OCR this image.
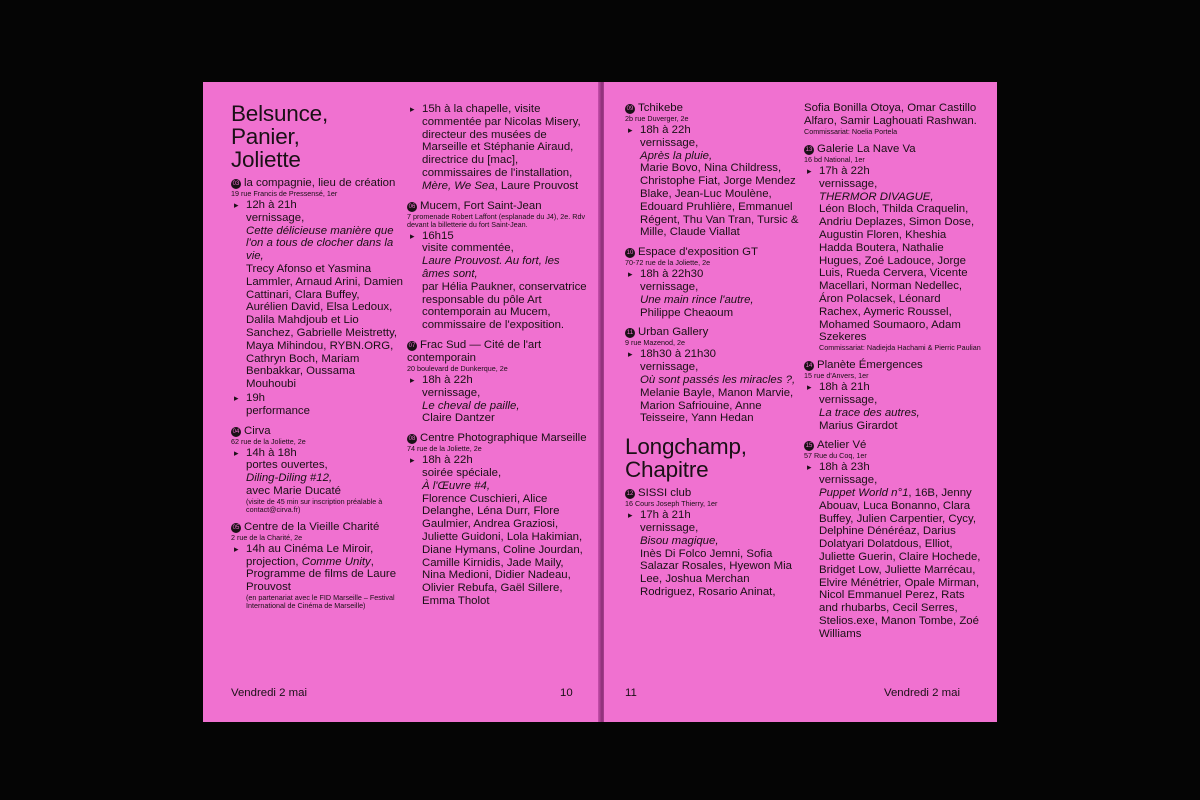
Belsunce,
Panier,
Joliette
03 la compagnie, lieu de création
19 rue Francis de Pressensé, 1er
▸ 12h à 21h
vernissage,
Cette délicieuse manière que l'on a tous de clocher dans la vie,
Trecy Afonso et Yasmina Lammler, Arnaud Arini, Damien Cattinari, Clara Buffey, Aurélien David, Elsa Ledoux, Dalila Mahdjoub et Lio Sanchez, Gabrielle Meistretty, Maya Mihindou, RYBN.ORG, Cathryn Boch, Mariam Benbakkar, Oussama Mouhoubi
▸ 19h
performance
04 Cirva
62 rue de la Joliette, 2e
▸ 14h à 18h
portes ouvertes,
Diling-Diling #12,
avec Marie Ducaté
(visite de 45 min sur inscription préalable à contact@cirva.fr)
05 Centre de la Vieille Charité
2 rue de la Charité, 2e
▸ 14h au Cinéma Le Miroir, projection, Comme Unity, Programme de films de Laure Prouvost
(en partenariat avec le FID Marseille – Festival International de Cinéma de Marseille)
▸ 15h à la chapelle, visite commentée par Nicolas Misery, directeur des musées de Marseille et Stéphanie Airaud, directrice du [mac], commissaires de l'installation, Mère, We Sea, Laure Prouvost
06 Mucem, Fort Saint-Jean
7 promenade Robert Laffont (esplanade du J4), 2e. Rdv devant la billetterie du fort Saint-Jean.
▸ 16h15
visite commentée,
Laure Prouvost. Au fort, les âmes sont,
par Hélia Paukner, conservatrice responsable du pôle Art contemporain au Mucem, commissaire de l'exposition.
07 Frac Sud — Cité de l'art contemporain
20 boulevard de Dunkerque, 2e
▸ 18h à 22h
vernissage,
Le cheval de paille,
Claire Dantzer
08 Centre Photographique Marseille
74 rue de la Joliette, 2e
▸ 18h à 22h
soirée spéciale,
À l'Œuvre #4,
Florence Cuschieri, Alice Delanghe, Léna Durr, Flore Gaulmier, Andrea Graziosi, Juliette Guidoni, Lola Hakimian, Diane Hymans, Coline Jourdan, Camille Kirnidis, Jade Maily, Nina Medioni, Didier Nadeau, Olivier Rebufa, Gaël Sillere, Emma Tholot
Vendredi 2 mai	10
09 Tchikebe
2b rue Duverger, 2e
▸ 18h à 22h
vernissage,
Après la pluie,
Marie Bovo, Nina Childress, Christophe Fiat, Jorge Mendez Blake, Jean-Luc Moulène, Edouard Pruhlière, Emmanuel Régent, Thu Van Tran, Tursic & Mille, Claude Viallat
10 Espace d'exposition GT
70-72 rue de la Joliette, 2e
▸ 18h à 22h30
vernissage,
Une main rince l'autre,
Philippe Cheaoum
11 Urban Gallery
9 rue Mazenod, 2e
▸ 18h30 à 21h30
vernissage,
Où sont passés les miracles ?,
Melanie Bayle, Manon Marvie, Marion Safriouine, Anne Teisseire, Yann Hedan
Longchamp,
Chapitre
12 SISSI club
16 Cours Joseph Thierry, 1er
▸ 17h à 21h
vernissage,
Bisou magique,
Inès Di Folco Jemni, Sofia Salazar Rosales, Hyewon Mia Lee, Joshua Merchan Rodriguez, Rosario Aninat,
Sofia Bonilla Otoya, Omar Castillo Alfaro, Samir Laghouati Rashwan.
Commissariat: Noelia Portela
13 Galerie La Nave Va
16 bd National, 1er
▸ 17h à 22h
vernissage,
THERMOR DIVAGUE,
Léon Bloch, Thilda Craquelin, Andriu Deplazes, Simon Dose, Augustin Floren, Kheshia Hadda Boutera, Nathalie Hugues, Zoé Ladouce, Jorge Luis, Rueda Cervera, Vicente Macellari, Norman Nedellec, Áron Polacsek, Léonard Rachex, Aymeric Roussel, Mohamed Soumaoro, Adam Szekeres
Commissariat: Nadiejda Hachami & Pierric Paulian
14 Planète Émergences
15 rue d'Anvers, 1er
▸ 18h à 21h
vernissage,
La trace des autres,
Marius Girardot
15 Atelier Vé
57 Rue du Coq, 1er
▸ 18h à 23h
vernissage,
Puppet World n°1, 16B, Jenny Abouav, Luca Bonanno, Clara Buffey, Julien Carpentier, Cycy, Delphine Dénéréaz, Darius Dolatyari Dolatdous, Elliot, Juliette Guerin, Claire Hochede, Bridget Low, Juliette Marrécau, Elvire Ménétrier, Opale Mirman, Nicol Emmanuel Perez, Rats and rhubarbs, Cecil Serres, Stelios.exe, Manon Tombe, Zoé Williams
11	Vendredi 2 mai
